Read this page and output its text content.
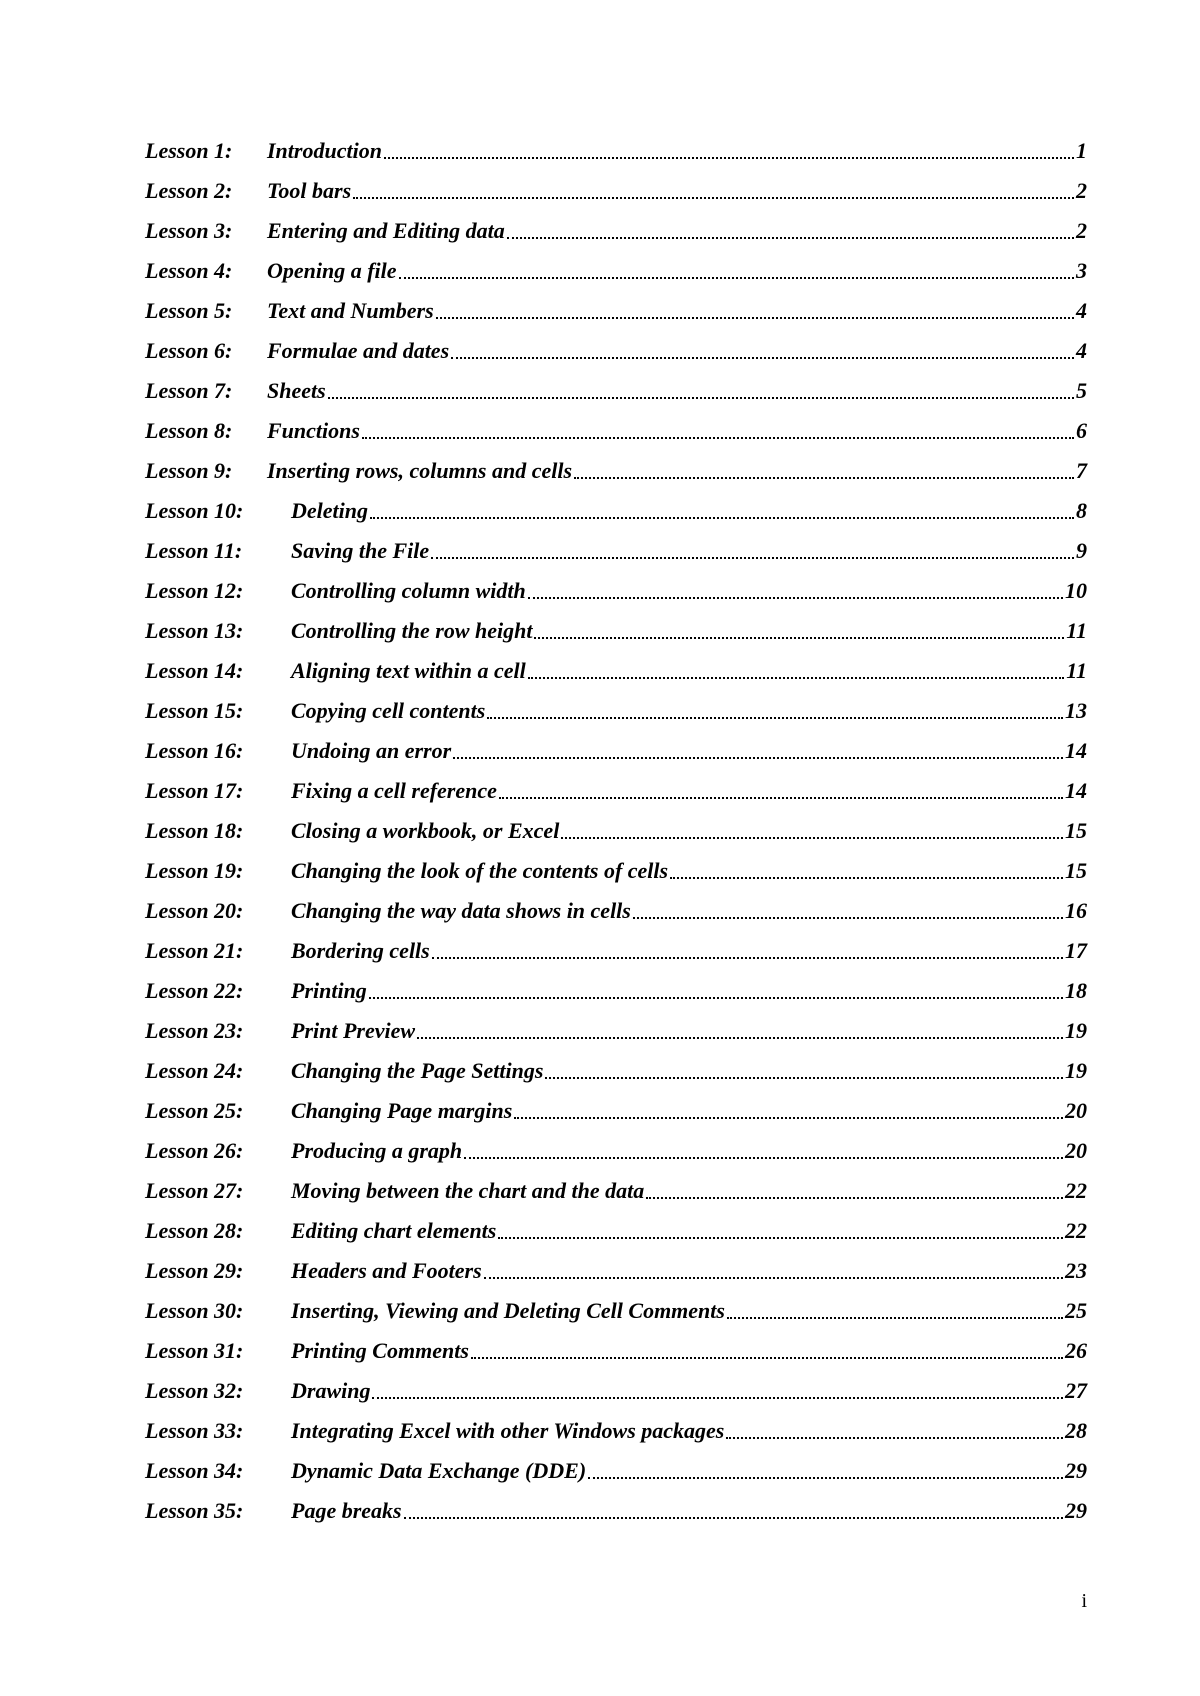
Lesson 1: Introduction	1
Lesson 2: Tool bars	2
Lesson 3: Entering and Editing data	2
Lesson 4: Opening a file	3
Lesson 5: Text and Numbers	4
Lesson 6: Formulae and dates	4
Lesson 7: Sheets	5
Lesson 8: Functions	6
Lesson 9: Inserting rows, columns and cells	7
Lesson 10: Deleting	8
Lesson 11: Saving the File	9
Lesson 12: Controlling column width	10
Lesson 13: Controlling the row height	11
Lesson 14: Aligning text within a cell	11
Lesson 15: Copying cell contents	13
Lesson 16: Undoing an error	14
Lesson 17: Fixing a cell reference	14
Lesson 18: Closing a workbook, or Excel	15
Lesson 19: Changing the look of the contents of cells	15
Lesson 20: Changing the way data shows in cells	16
Lesson 21: Bordering cells	17
Lesson 22: Printing	18
Lesson 23: Print Preview	19
Lesson 24: Changing the Page Settings	19
Lesson 25: Changing Page margins	20
Lesson 26: Producing a graph	20
Lesson 27: Moving between the chart and the data	22
Lesson 28: Editing chart elements	22
Lesson 29: Headers and Footers	23
Lesson 30: Inserting, Viewing and Deleting Cell Comments	25
Lesson 31: Printing Comments	26
Lesson 32: Drawing	27
Lesson 33: Integrating Excel with other Windows packages	28
Lesson 34: Dynamic Data Exchange (DDE)	29
Lesson 35: Page breaks	29
i
